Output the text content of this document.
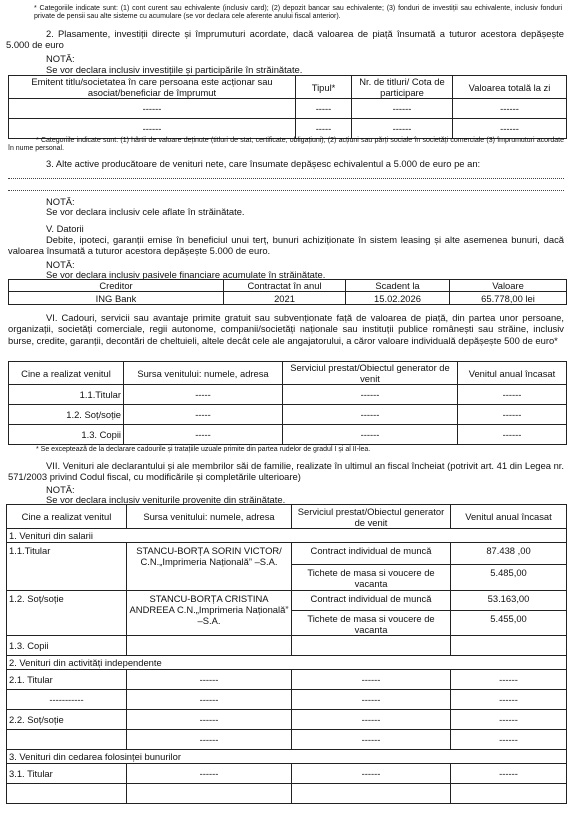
* Categoriile indicate sunt: (1) cont curent sau echivalente (inclusiv card); (2) depozit bancar sau echivalente; (3) fonduri de investiții sau echivalente, inclusiv fonduri private de pensii sau alte sisteme cu acumulare (se vor declara cele aferente anului fiscal anterior).

2. Plasamente, investiții directe și împrumuturi acordate, dacă valoarea de piață însumată a tuturor acestora depășește 5.000 de euro

NOTĂ:

Se vor declara inclusiv investițiile și participările în străinătate.

Emitent titlu/societatea în care persoana este acționar sau asociat/beneficiar de împrumut	Tipul*	Nr. de titluri/ Cota de participare	Valoarea totală la zi
------	-----	------	------
------	-----	------	------

* Categoriile indicate sunt: (1) hârtii de valoare deținute (titluri de stat, certificate, obligațiuni); (2) acțiuni sau părți sociale în societăți comerciale (3) împrumuturi acordate în nume personal.

3. Alte active producătoare de venituri nete, care însumate depășesc echivalentul a 5.000 de euro pe an:

NOTĂ:

Se vor declara inclusiv cele aflate în străinătate.

V. Datorii

Debite, ipoteci, garanții emise în beneficiul unui terț, bunuri achiziționate în sistem leasing și alte asemenea bunuri, dacă valoarea însumată a tuturor acestora depășește 5.000 de euro.

NOTĂ:

Se vor declara inclusiv pasivele financiare acumulate în străinătate.

Creditor	Contractat în anul	Scadent la	Valoare
ING Bank	2021	15.02.2026	65.778,00 lei

VI. Cadouri, servicii sau avantaje primite gratuit sau subvenționate față de valoarea de piață, din partea unor persoane, organizații, societăți comerciale, regii autonome, companii/societăți naționale sau instituții publice românești sau străine, inclusiv burse, credite, garanții, decontări de cheltuieli, altele decât cele ale angajatorului, a căror valoare individuală depășește 500 de euro*

Cine a realizat venitul	Sursa venitului: numele, adresa	Serviciul prestat/Obiectul generator de venit	Venitul anual încasat
1.1.Titular	-----	------	------
1.2. Soț/soție	-----	------	------
1.3. Copii	-----	------	------

* Se exceptează de la declarare cadourile și tratațiile uzuale primite din partea rudelor de gradul I și al II-lea.

VII. Venituri ale declarantului și ale membrilor săi de familie, realizate în ultimul an fiscal încheiat (potrivit art. 41 din Legea nr. 571/2003 privind Codul fiscal, cu modificările și completările ulterioare)

NOTĂ:

Se vor declara inclusiv veniturile provenite din străinătate.

Cine a realizat venitul	Sursa venitului: numele, adresa	Serviciul prestat/Obiectul generator de venit	Venitul anual încasat
1. Venituri din salarii			
1.1.Titular	STANCU-BORȚA SORIN VICTOR/ C.N.„Imprimeria Națională” –S.A.	Contract individual de muncă	87.438 ,00
		Tichete de masa si voucere de vacanta	5.485,00
1.2. Soț/soție	STANCU-BORȚA CRISTINA ANDREEA C.N.„Imprimeria Națională” –S.A.	Contract individual de muncă	53.163,00
		Tichete de masa si voucere de vacanta	5.455,00
1.3. Copii			
2. Venituri din activități independente			
2.1. Titular	------	------	------
-----------	------	------	------
2.2. Soț/soție	------	------	------
	------	------	------
3. Venituri din cedarea folosinței bunurilor			
3.1. Titular	------	------	------
